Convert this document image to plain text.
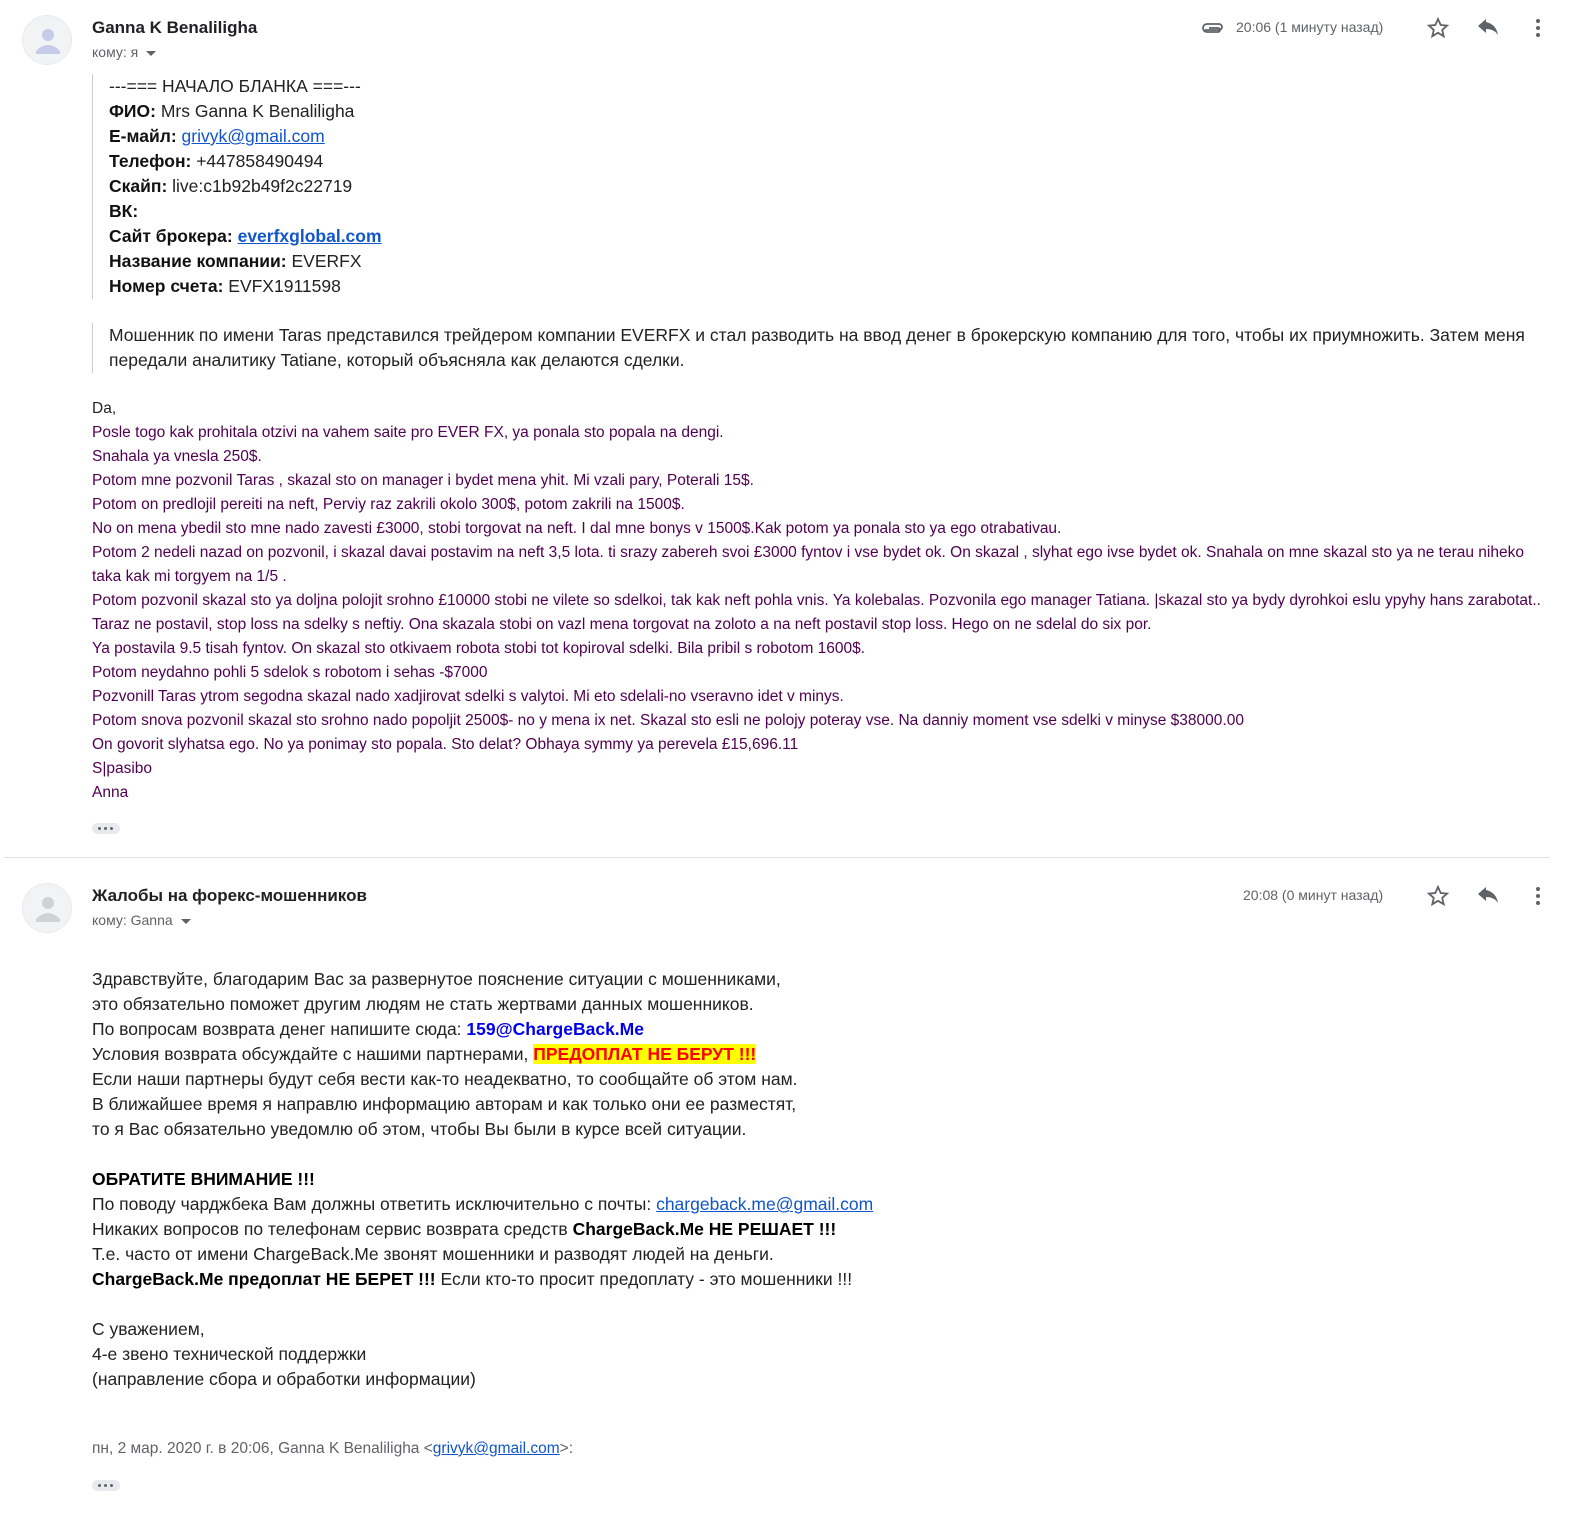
Ganna K Benaliligha
кому: я
20:06 (1 минуту назад)
---=== НАЧАЛО БЛАНКА ===---
ФИО: Mrs Ganna K Benaliligha
Е-майл: grivyk@gmail.com
Телефон: +447858490494
Скайп: live:c1b92b49f2c22719
ВК:
Сайт брокера: everfxglobal.com
Название компании: EVERFX
Номер счета: EVFX1911598
Мошенник по имени Taras представился трейдером компании EVERFX и стал разводить на ввод денег в брокерскую компанию для того, чтобы их приумножить. Затем меня передали аналитику Tatiane, который объясняла как делаются сделки.
Da,
Posle togo kak prohitala otzivi na vahem saite pro EVER FX, ya ponala sto popala na dengi.
Snahala ya vnesla 250$.
Potom mne pozvonil Taras , skazal sto on manager i bydet mena yhit. Mi vzali pary, Poterali 15$.
Potom on predlojil pereiti na neft, Perviy raz zakrili okolo 300$, potom zakrili na 1500$.
No on mena ybedil sto mne nado zavesti £3000, stobi torgovat na neft. I dal mne bonys v 1500$.Kak potom ya ponala sto ya ego otrabativau.
Potom 2 nedeli nazad on pozvonil, i skazal davai postavim na neft 3,5 lota. ti srazy zabereh svoi £3000 fyntov i vse bydet ok. On skazal , slyhat ego ivse bydet ok. Snahala on mne skazal sto ya ne terau niheko taka kak mi torgyem na 1/5 .
Potom pozvonil skazal sto ya doljna polojit srohno £10000 stobi ne vilete so sdelkoi, tak kak neft pohla vnis. Ya kolebalas. Pozvonila ego manager Tatiana. |skazal sto ya bydy dyrohkoi eslu ypyhy hans zarabotat.. Taraz ne postavil, stop loss na sdelky s neftiy. Ona skazala stobi on vazl mena torgovat na zoloto a na neft postavil stop loss. Hego on ne sdelal do six por.
Ya postavila 9.5 tisah fyntov. On skazal sto otkivaem robota stobi tot kopiroval sdelki. Bila pribil s robotom 1600$.
Potom neydahno pohli 5 sdelok s robotom i sehas -$7000
Pozvonill Taras ytrom segodna skazal nado xadjirovat sdelki s valytoi. Mi eto sdelali-no vseravno idet v minys.
Potom snova pozvonil skazal sto srohno nado popoljit 2500$- no y mena ix net. Skazal sto esli ne polojy poteray vse. Na danniy moment vse sdelki v minyse $38000.00
On govorit slyhatsa ego. No ya ponimay sto popala. Sto delat? Obhaya symmy ya perevela £15,696.11
S|pasibo
Anna
Жалобы на форекс-мошенников
кому: Ganna
20:08 (0 минут назад)
Здравствуйте, благодарим Вас за развернутое пояснение ситуации с мошенниками,
это обязательно поможет другим людям не стать жертвами данных мошенников.
По вопросам возврата денег напишите сюда: 159@ChargeBack.Me
Условия возврата обсуждайте с нашими партнерами, ПРЕДОПЛАТ НЕ БЕРУТ !!!
Если наши партнеры будут себя вести как-то неадекватно, то сообщайте об этом нам.
В ближайшее время я направлю информацию авторам и как только они ее разместят,
то я Вас обязательно уведомлю об этом, чтобы Вы были в курсе всей ситуации.
ОБРАТИТЕ ВНИМАНИЕ !!!
По поводу чарджбека Вам должны ответить исключительно с почты: chargeback.me@gmail.com
Никаких вопросов по телефонам сервис возврата средств ChargeBack.Me НЕ РЕШАЕТ !!!
Т.е. часто от имени ChargeBack.Me звонят мошенники и разводят людей на деньги.
ChargeBack.Me предоплат НЕ БЕРЕТ !!! Если кто-то просит предоплату - это мошенники !!!
С уважением,
4-е звено технической поддержки
(направление сбора и обработки информации)
пн, 2 мар. 2020 г. в 20:06, Ganna K Benaliligha <grivyk@gmail.com>:
